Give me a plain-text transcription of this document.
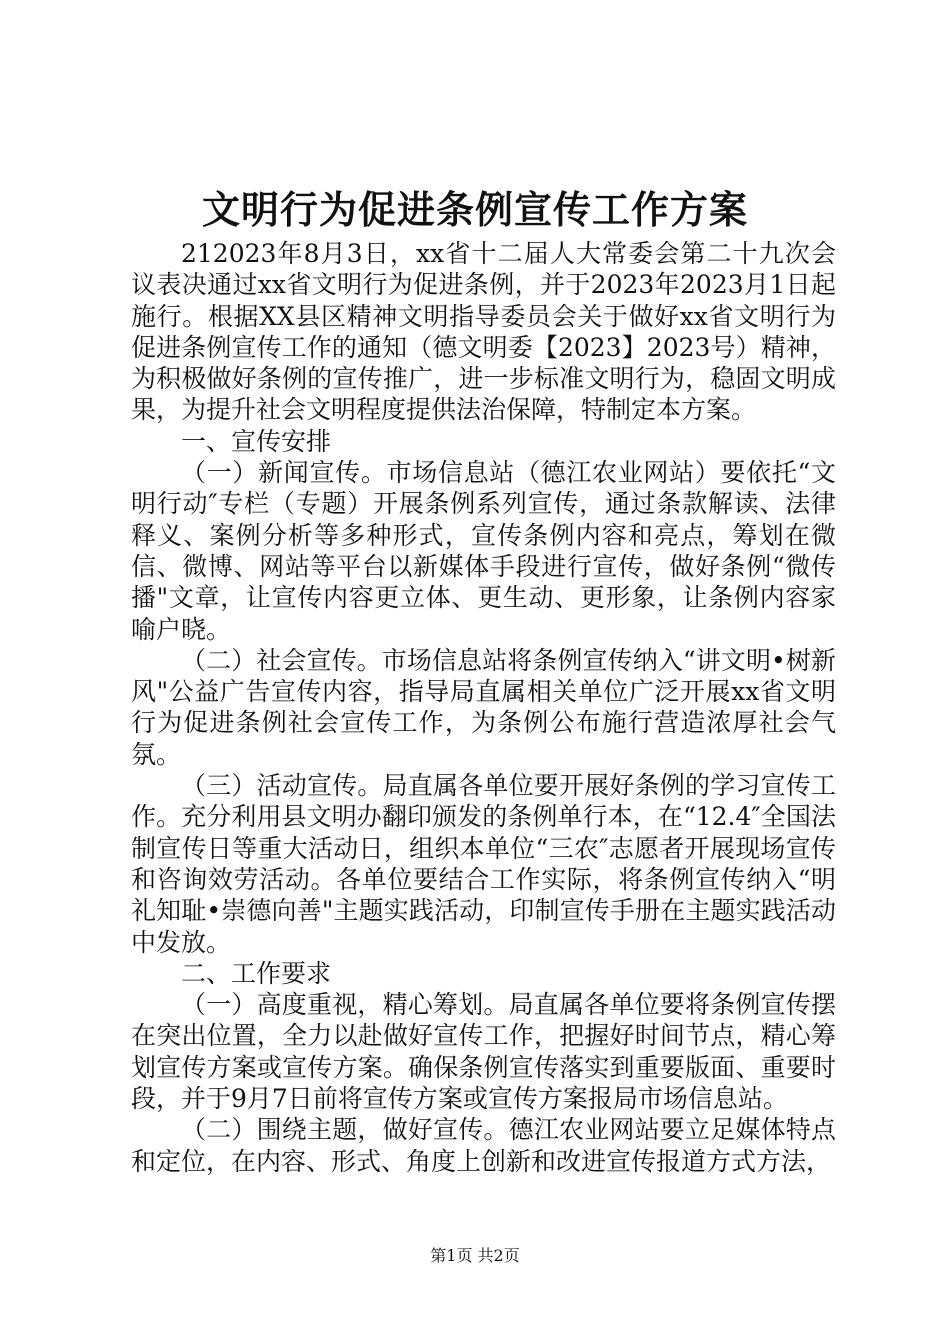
文明行为促进条例宣传工作方案

212023年8月3日，xx省十二届人大常委会第二十九次会议表决通过xx省文明行为促进条例，并于2023年2023月1日起施行。根据XX县区精神文明指导委员会关于做好xx省文明行为促进条例宣传工作的通知（德文明委【2023】2023号）精神，为积极做好条例的宣传推广，进一步标准文明行为，稳固文明成果，为提升社会文明程度提供法治保障，特制定本方案。

一、宣传安排

（一）新闻宣传。市场信息站（德江农业网站）要依托“文明行动″专栏（专题）开展条例系列宣传，通过条款解读、法律释义、案例分析等多种形式，宣传条例内容和亮点，筹划在微信、微博、网站等平台以新媒体手段进行宣传，做好条例“微传播"文章，让宣传内容更立体、更生动、更形象，让条例内容家喻户晓。

（二）社会宣传。市场信息站将条例宣传纳入“讲文明•树新风"公益广告宣传内容，指导局直属相关单位广泛开展xx省文明行为促进条例社会宣传工作，为条例公布施行营造浓厚社会气氛。

（三）活动宣传。局直属各单位要开展好条例的学习宣传工作。充分利用县文明办翻印颁发的条例单行本，在“12.4″全国法制宣传日等重大活动日，组织本单位“三农″志愿者开展现场宣传和咨询效劳活动。各单位要结合工作实际，将条例宣传纳入“明礼知耻•崇德向善"主题实践活动，印制宣传手册在主题实践活动中发放。

二、工作要求

（一）高度重视，精心筹划。局直属各单位要将条例宣传摆在突出位置，全力以赴做好宣传工作，把握好时间节点，精心筹划宣传方案或宣传方案。确保条例宣传落实到重要版面、重要时段，并于9月7日前将宣传方案或宣传方案报局市场信息站。

（二）围绕主题，做好宣传。德江农业网站要立足媒体特点和定位，在内容、形式、角度上创新和改进宣传报道方式方法，

第1页 共2页
